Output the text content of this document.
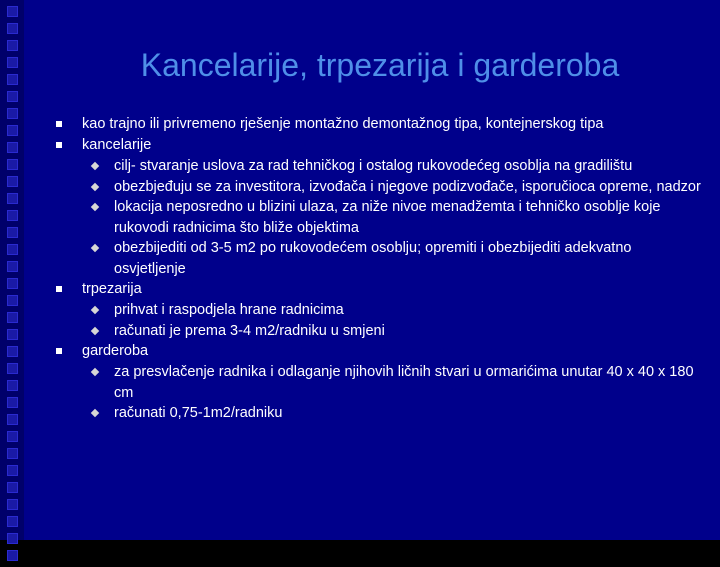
Kancelarije, trpezarija i garderoba
kao trajno ili privremeno rješenje montažno demontažnog tipa, kontejnerskog tipa
kancelarije
cilj- stvaranje uslova za rad tehničkog i ostalog rukovodećeg osoblja na gradilištu
obezbjeđuju se za investitora, izvođača i njegove podizvođače, isporučioca opreme, nadzor
lokacija neposredno u blizini ulaza, za niže nivoe menadžemta i tehničko osoblje koje rukovodi radnicima što bliže objektima
obezbijediti od 3-5 m2 po rukovodećem osoblju; opremiti i obezbijediti adekvatno osvjetljenje
trpezarija
prihvat i raspodjela hrane radnicima
računati je prema 3-4 m2/radniku u smjeni
garderoba
za presvlačenje radnika i odlaganje njihovih ličnih stvari u ormarićima unutar 40 x 40 x 180 cm
računati 0,75-1m2/radniku
